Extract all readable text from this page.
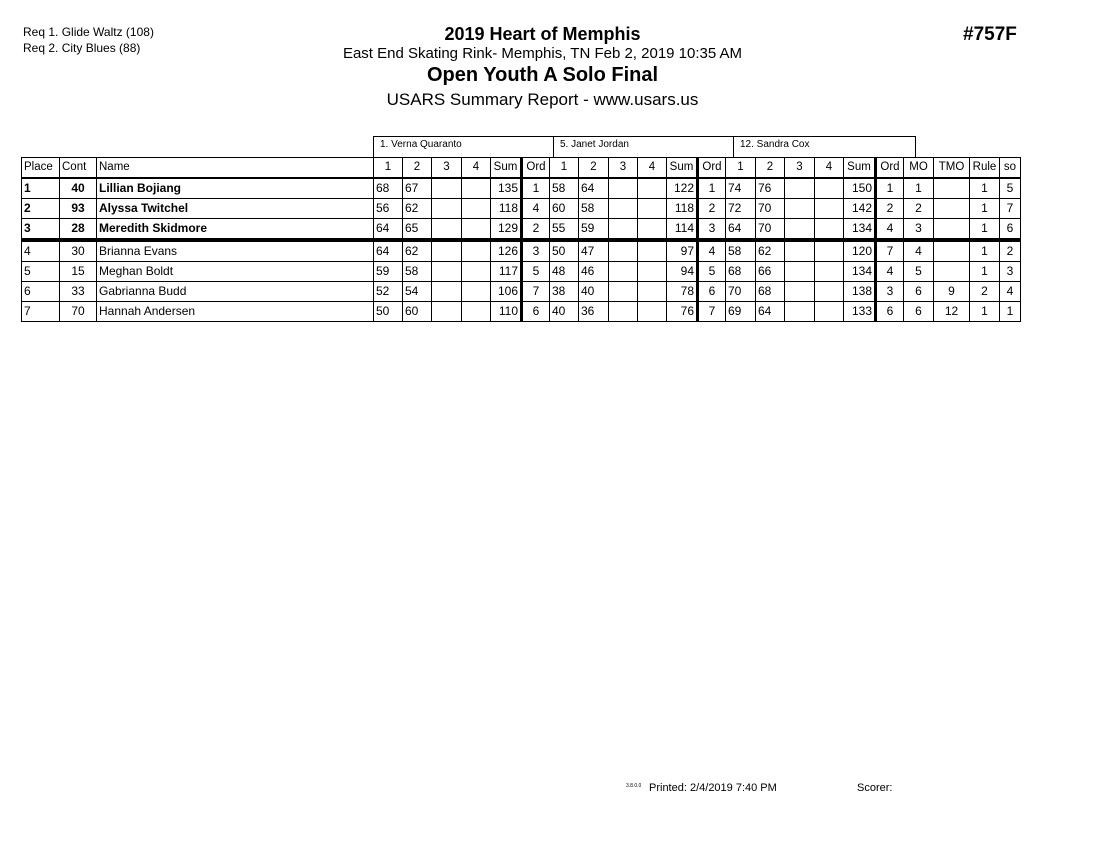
Req 1. Glide Waltz (108)
Req 2. City Blues (88)
2019 Heart of Memphis
East End Skating Rink- Memphis, TN Feb 2, 2019 10:35 AM
Open Youth A Solo Final
USARS Summary Report - www.usars.us
#757F
1. Verna Quaranto	5. Janet Jordan	12. Sandra Cox
Place	Cont	Name	1	2	3	4	Sum	Ord	1	2	3	4	Sum	Ord	1	2	3	4	Sum	Ord	MO	TMO	Rule	so
1	40	Lillian Bojiang	68	67			135	1	58	64			122	1	74	76			150	1	1		1	5
2	93	Alyssa Twitchel	56	62			118	4	60	58			118	2	72	70			142	2	2		1	7
3	28	Meredith Skidmore	64	65			129	2	55	59			114	3	64	70			134	4	3		1	6
4	30	Brianna Evans	64	62			126	3	50	47			97	4	58	62			120	7	4		1	2
5	15	Meghan Boldt	59	58			117	5	48	46			94	5	68	66			134	4	5		1	3
6	33	Gabrianna Budd	52	54			106	7	38	40			78	6	70	68			138	3	6	9	2	4
7	70	Hannah Andersen	50	60			110	6	40	36			76	7	69	64			133	6	6	12	1	1
3.8.0.0 Printed: 2/4/2019 7:40 PM	Scorer:
